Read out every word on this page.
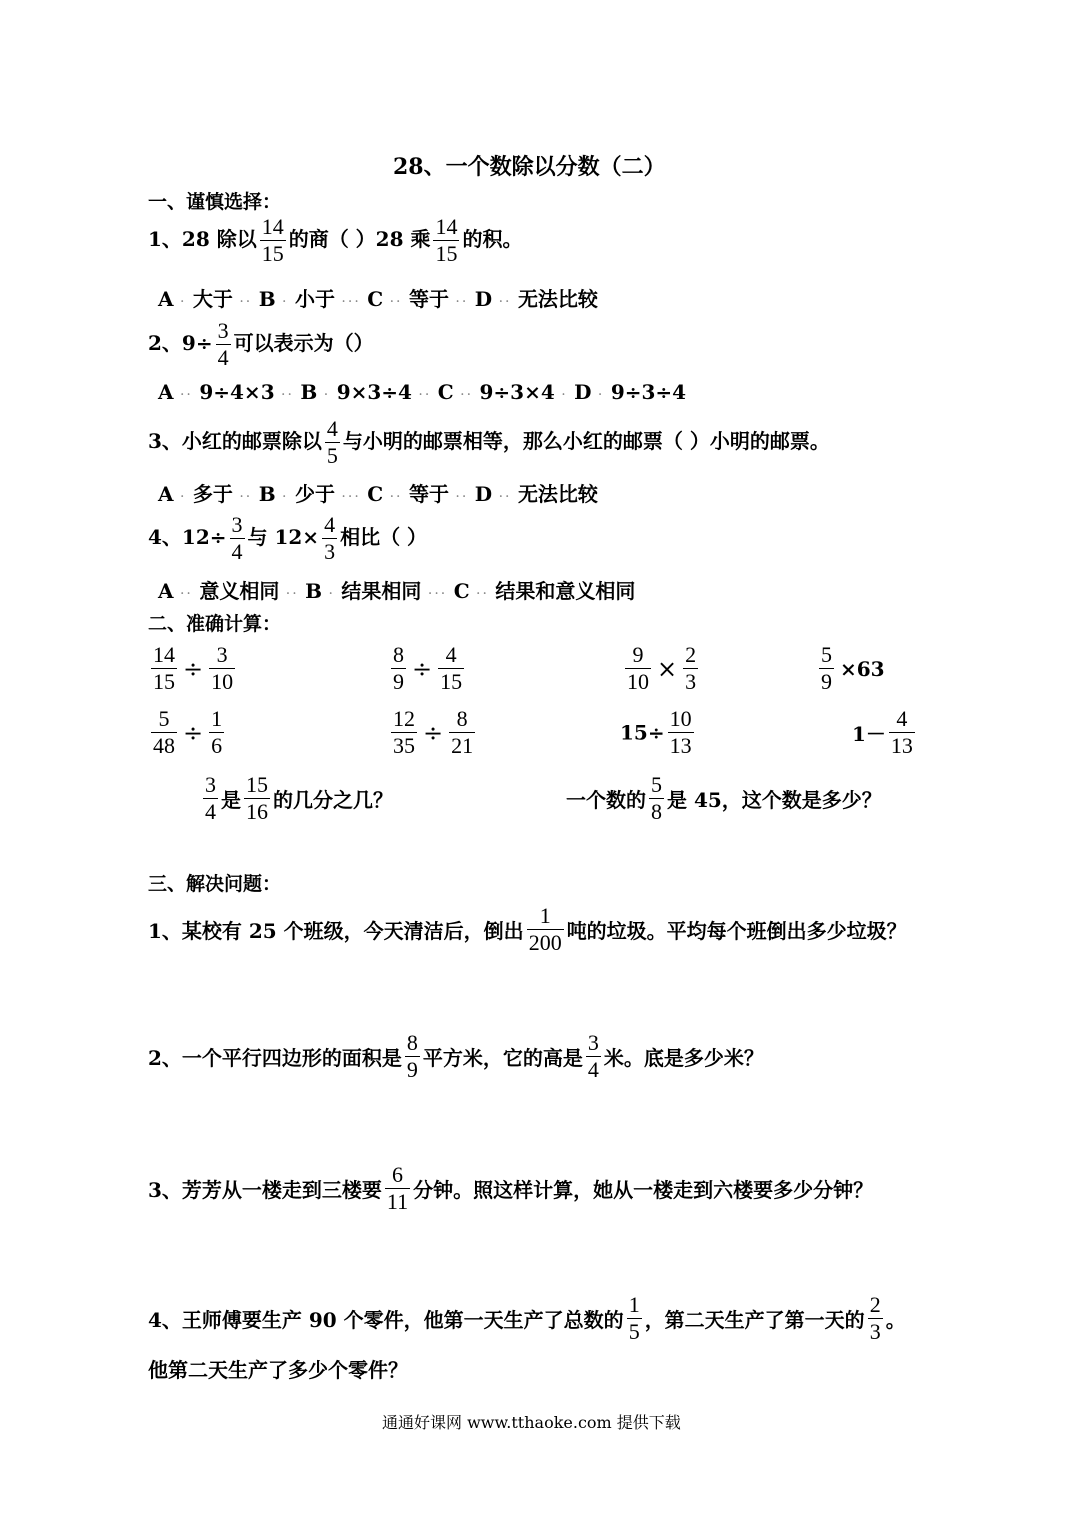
28、一个数除以分数（二）
一、谨慎选择：
1、28 除以 $\frac{14}{15}$ 的商（ ）28 乘 $\frac{14}{15}$ 的积。
A · 大于 ·· B · 小于 ··· C ·· 等于 ·· D ·· 无法比较
2、$9\div \frac{3}{4}$ 可以表示为（）
A ·· 9÷4×3 ·· B · 9×3÷4 ·· C ·· 9÷3×4 · D · 9÷3÷4
3、小红的邮票除以 $\frac{4}{5}$ 与小明的邮票相等，那么小红的邮票（ ）小明的邮票。
A · 多于 ·· B · 少于 ··· C ·· 等于 ·· D ·· 无法比较
4、$12\div \frac{3}{4}$ 与 $12\times \frac{4}{3}$ 相比（ ）
A ·· 意义相同 ·· B · 结果相同 ··· C ·· 结果和意义相同
二、准确计算：
$\frac{14}{15} \div \frac{3}{10}$	$\frac{8}{9} \div \frac{4}{15}$	$\frac{9}{10} \times \frac{2}{3}$	$\frac{5}{9} \times 63$
$\frac{5}{48} \div \frac{1}{6}$	$\frac{12}{35} \div \frac{8}{21}$	$15\div \frac{10}{13}$	$1- \frac{4}{13}$
$\frac{3}{4}$ 是 $\frac{15}{16}$ 的几分之几？	一个数的 $\frac{5}{8}$ 是 45，这个数是多少？
三、解决问题：
1、某校有 25 个班级，今天清洁后，倒出 $\frac{1}{200}$ 吨的垃圾。平均每个班倒出多少垃圾？
2、一个平行四边形的面积是 $\frac{8}{9}$ 平方米，它的高是 $\frac{3}{4}$ 米。底是多少米？
3、芳芳从一楼走到三楼要 $\frac{6}{11}$ 分钟。照这样计算，她从一楼走到六楼要多少分钟？
4、王师傅要生产 90 个零件，他第一天生产了总数的 $\frac{1}{5}$ ，第二天生产了第一天的 $\frac{2}{3}$ 。
他第二天生产了多少个零件？
通通好课网 www.tthaoke.com 提供下载
